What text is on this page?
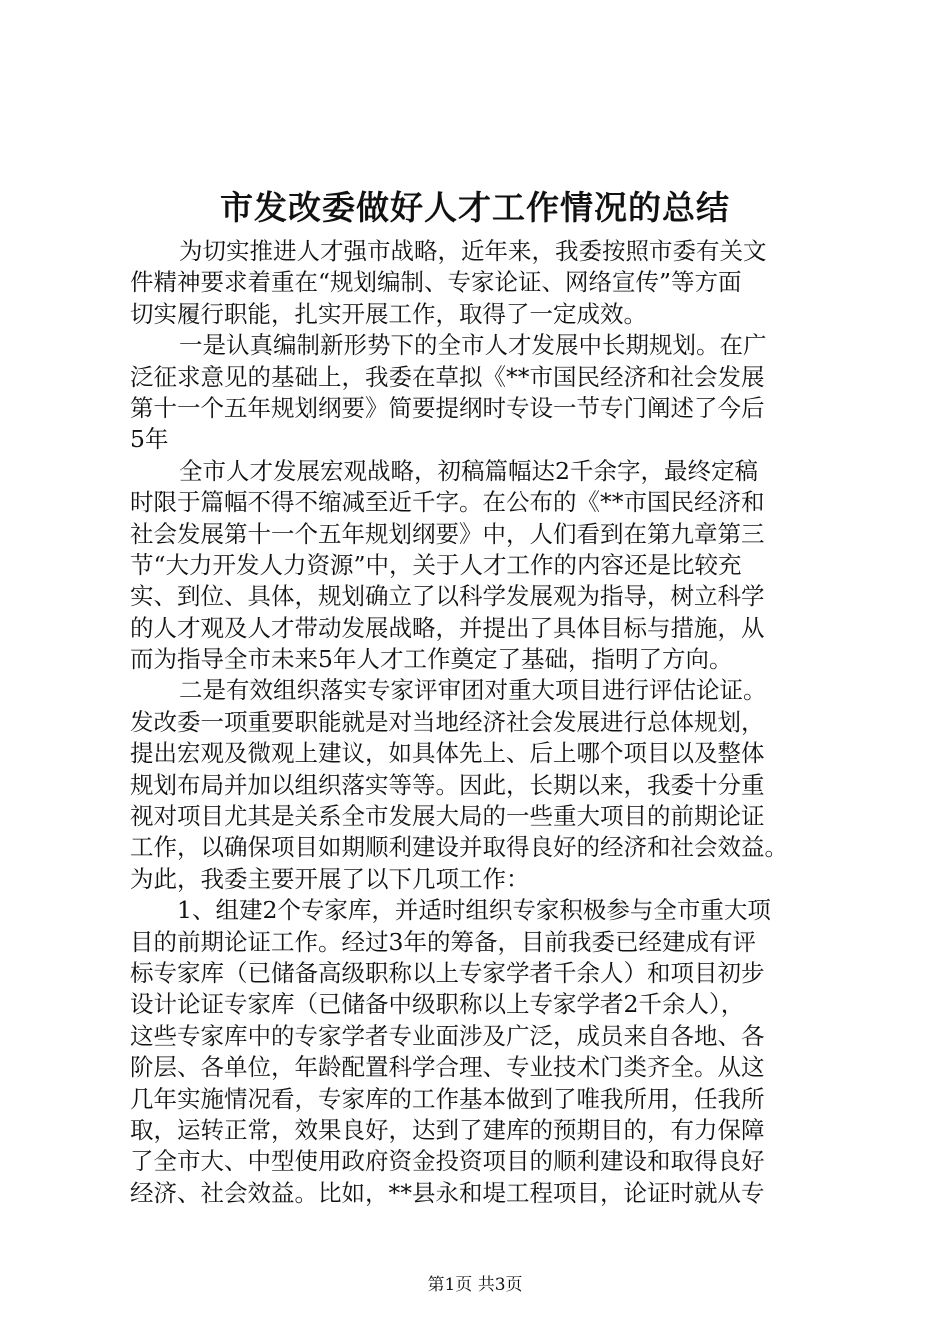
市发改委做好人才工作情况的总结
为切实推进人才强市战略，近年来，我委按照市委有关文
件精神要求着重在“规划编制、专家论证、网络宣传”等方面
切实履行职能，扎实开展工作，取得了一定成效。
一是认真编制新形势下的全市人才发展中长期规划。在广
泛征求意见的基础上，我委在草拟《**市国民经济和社会发展
第十一个五年规划纲要》简要提纲时专设一节专门阐述了今后
5年
全市人才发展宏观战略，初稿篇幅达2千余字，最终定稿
时限于篇幅不得不缩减至近千字。在公布的《**市国民经济和
社会发展第十一个五年规划纲要》中，人们看到在第九章第三
节“大力开发人力资源”中，关于人才工作的内容还是比较充
实、到位、具体，规划确立了以科学发展观为指导，树立科学
的人才观及人才带动发展战略，并提出了具体目标与措施，从
而为指导全市未来5年人才工作奠定了基础，指明了方向。
二是有效组织落实专家评审团对重大项目进行评估论证。
发改委一项重要职能就是对当地经济社会发展进行总体规划，
提出宏观及微观上建议，如具体先上、后上哪个项目以及整体
规划布局并加以组织落实等等。因此，长期以来，我委十分重
视对项目尤其是关系全市发展大局的一些重大项目的前期论证
工作，以确保项目如期顺利建设并取得良好的经济和社会效益。
为此，我委主要开展了以下几项工作：
1、组建2个专家库，并适时组织专家积极参与全市重大项
目的前期论证工作。经过3年的筹备，目前我委已经建成有评
标专家库（已储备高级职称以上专家学者千余人）和项目初步
设计论证专家库（已储备中级职称以上专家学者2千余人），
这些专家库中的专家学者专业面涉及广泛，成员来自各地、各
阶层、各单位，年龄配置科学合理、专业技术门类齐全。从这
几年实施情况看，专家库的工作基本做到了唯我所用，任我所
取，运转正常，效果良好，达到了建库的预期目的，有力保障
了全市大、中型使用政府资金投资项目的顺利建设和取得良好
经济、社会效益。比如，**县永和堤工程项目，论证时就从专
第1页 共3页
